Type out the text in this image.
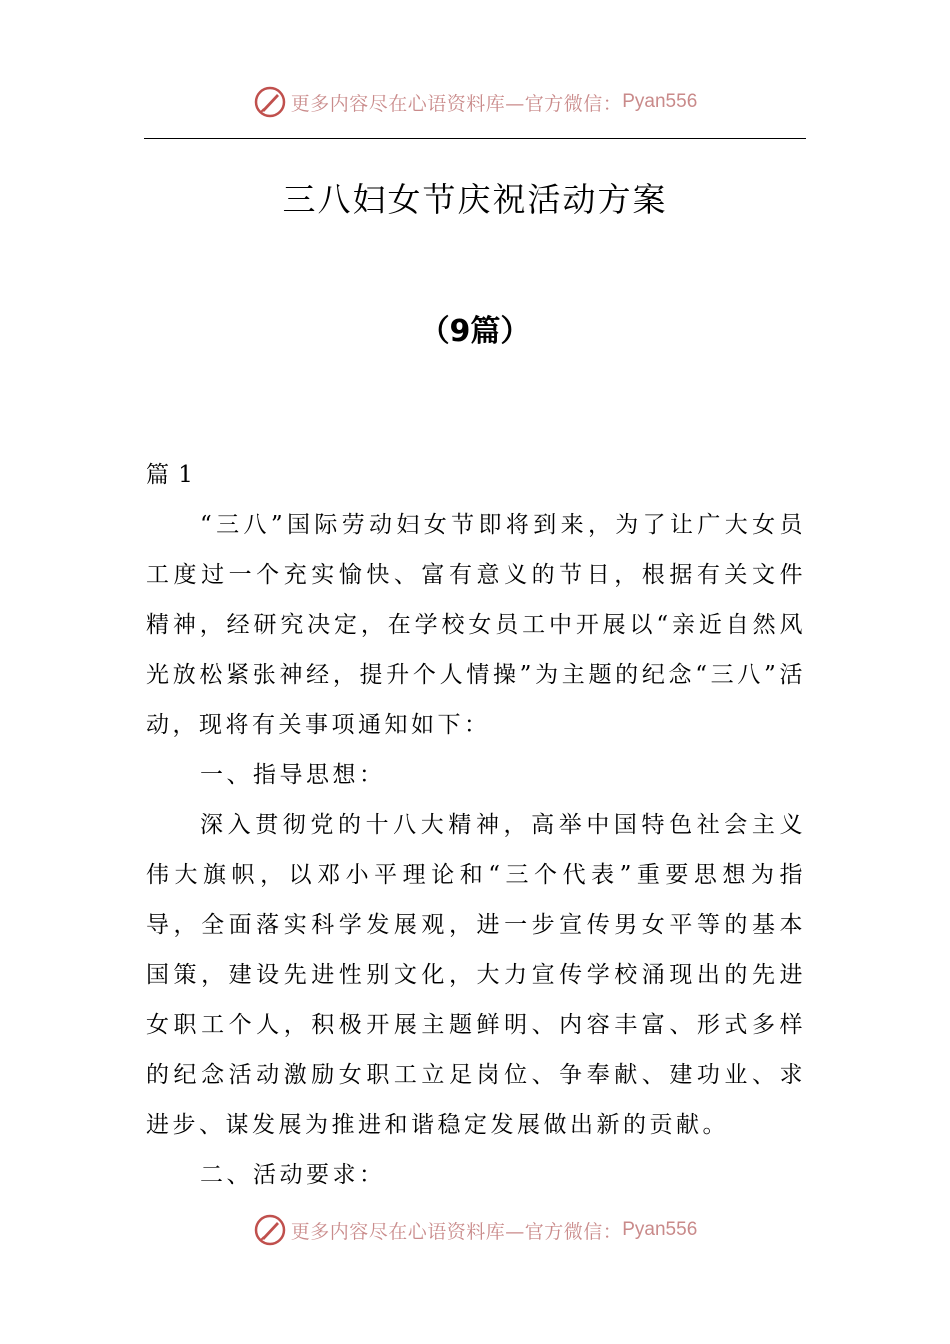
更多内容尽在心语资料库—官方微信： Pyan556
三八妇女节庆祝活动方案
（9篇）

篇 1

“三八”国际劳动妇女节即将到来，为了让广大女员工度过一个充实愉快、富有意义的节日，根据有关文件精神，经研究决定，在学校女员工中开展以“亲近自然风光放松紧张神经，提升个人情操”为主题的纪念“三八”活动，现将有关事项通知如下：

一、指导思想：

深入贯彻党的十八大精神，高举中国特色社会主义伟大旗帜，以邓小平理论和“三个代表”重要思想为指导，全面落实科学发展观，进一步宣传男女平等的基本国策，建设先进性别文化，大力宣传学校涌现出的先进女职工个人，积极开展主题鲜明、内容丰富、形式多样的纪念活动激励女职工立足岗位、争奉献、建功业、求进步、谋发展为推进和谐稳定发展做出新的贡献。

二、活动要求：

更多内容尽在心语资料库—官方微信： Pyan556
